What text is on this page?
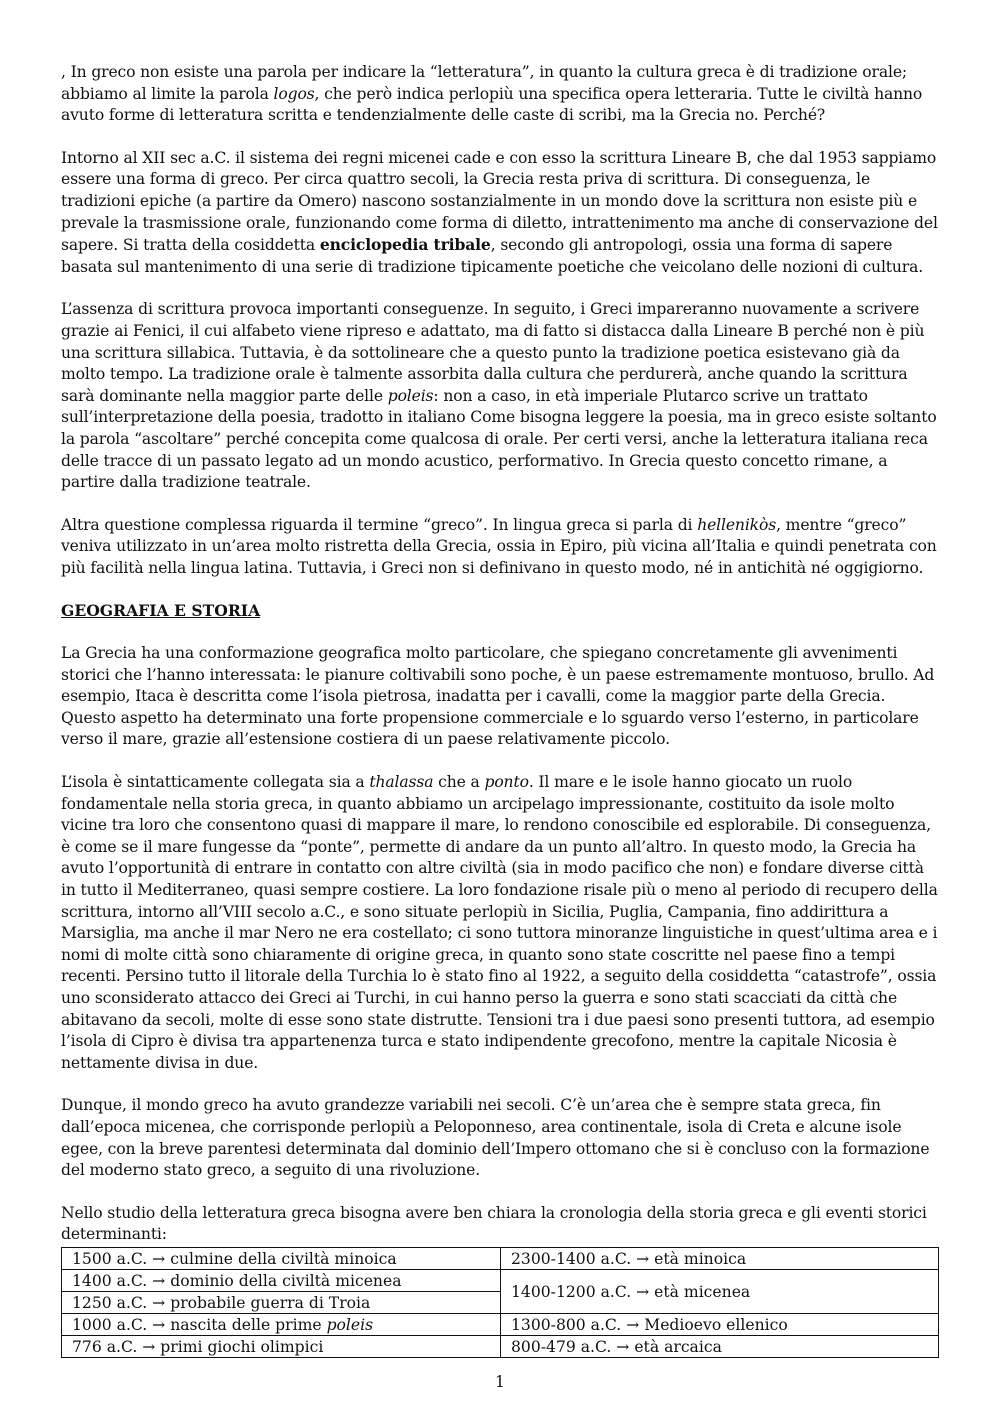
, In greco non esiste una parola per indicare la “letteratura”, in quanto la cultura greca è di tradizione orale; abbiamo al limite la parola logos, che però indica perlopiù una specifica opera letteraria. Tutte le civiltà hanno avuto forme di letteratura scritta e tendenzialmente delle caste di scribi, ma la Grecia no. Perché?

Intorno al XII sec a.C. il sistema dei regni micenei cade e con esso la scrittura Lineare B, che dal 1953 sappiamo essere una forma di greco. Per circa quattro secoli, la Grecia resta priva di scrittura. Di conseguenza, le tradizioni epiche (a partire da Omero) nascono sostanzialmente in un mondo dove la scrittura non esiste più e prevale la trasmissione orale, funzionando come forma di diletto, intrattenimento ma anche di conservazione del sapere. Si tratta della cosiddetta enciclopedia tribale, secondo gli antropologi, ossia una forma di sapere basata sul mantenimento di una serie di tradizione tipicamente poetiche che veicolano delle nozioni di cultura.

L’assenza di scrittura provoca importanti conseguenze. In seguito, i Greci impareranno nuovamente a scrivere grazie ai Fenici, il cui alfabeto viene ripreso e adattato, ma di fatto si distacca dalla Lineare B perché non è più una scrittura sillabica. Tuttavia, è da sottolineare che a questo punto la tradizione poetica esistevano già da molto tempo. La tradizione orale è talmente assorbita dalla cultura che perdurerà, anche quando la scrittura sarà dominante nella maggior parte delle poleis: non a caso, in età imperiale Plutarco scrive un trattato sull’interpretazione della poesia, tradotto in italiano Come bisogna leggere la poesia, ma in greco esiste soltanto la parola “ascoltare” perché concepita come qualcosa di orale. Per certi versi, anche la letteratura italiana reca delle tracce di un passato legato ad un mondo acustico, performativo. In Grecia questo concetto rimane, a partire dalla tradizione teatrale.

Altra questione complessa riguarda il termine “greco”. In lingua greca si parla di hellenikòs, mentre “greco” veniva utilizzato in un’area molto ristretta della Grecia, ossia in Epiro, più vicina all’Italia e quindi penetrata con più facilità nella lingua latina. Tuttavia, i Greci non si definivano in questo modo, né in antichità né oggigiorno.

GEOGRAFIA E STORIA

La Grecia ha una conformazione geografica molto particolare, che spiegano concretamente gli avvenimenti storici che l’hanno interessata: le pianure coltivabili sono poche, è un paese estremamente montuoso, brullo. Ad esempio, Itaca è descritta come l’isola pietrosa, inadatta per i cavalli, come la maggior parte della Grecia. Questo aspetto ha determinato una forte propensione commerciale e lo sguardo verso l’esterno, in particolare verso il mare, grazie all’estensione costiera di un paese relativamente piccolo.

L’isola è sintatticamente collegata sia a thalassa che a ponto. Il mare e le isole hanno giocato un ruolo fondamentale nella storia greca, in quanto abbiamo un arcipelago impressionante, costituito da isole molto vicine tra loro che consentono quasi di mappare il mare, lo rendono conoscibile ed esplorabile. Di conseguenza, è come se il mare fungesse da “ponte”, permette di andare da un punto all’altro. In questo modo, la Grecia ha avuto l’opportunità di entrare in contatto con altre civiltà (sia in modo pacifico che non) e fondare diverse città in tutto il Mediterraneo, quasi sempre costiere. La loro fondazione risale più o meno al periodo di recupero della scrittura, intorno all’VIII secolo a.C., e sono situate perlopiù in Sicilia, Puglia, Campania, fino addirittura a Marsiglia, ma anche il mar Nero ne era costellato; ci sono tuttora minoranze linguistiche in quest’ultima area e i nomi di molte città sono chiaramente di origine greca, in quanto sono state coscritte nel paese fino a tempi recenti. Persino tutto il litorale della Turchia lo è stato fino al 1922, a seguito della cosiddetta “catastrofe”, ossia uno sconsiderato attacco dei Greci ai Turchi, in cui hanno perso la guerra e sono stati scacciati da città che abitavano da secoli, molte di esse sono state distrutte. Tensioni tra i due paesi sono presenti tuttora, ad esempio l’isola di Cipro è divisa tra appartenenza turca e stato indipendente grecofono, mentre la capitale Nicosia è nettamente divisa in due.

Dunque, il mondo greco ha avuto grandezze variabili nei secoli. C’è un’area che è sempre stata greca, fin dall’epoca micenea, che corrisponde perlopiù a Peloponneso, area continentale, isola di Creta e alcune isole egee, con la breve parentesi determinata dal dominio dell’Impero ottomano che si è concluso con la formazione del moderno stato greco, a seguito di una rivoluzione.

Nello studio della letteratura greca bisogna avere ben chiara la cronologia della storia greca e gli eventi storici determinanti:

1500 a.C. → culmine della civiltà minoica	2300-1400 a.C. → età minoica
1400 a.C. → dominio della civiltà micenea	1400-1200 a.C. → età micenea
1250 a.C. → probabile guerra di Troia	
1000 a.C. → nascita delle prime poleis	1300-800 a.C. → Medioevo ellenico
776 a.C. → primi giochi olimpici	800-479 a.C. → età arcaica
1
